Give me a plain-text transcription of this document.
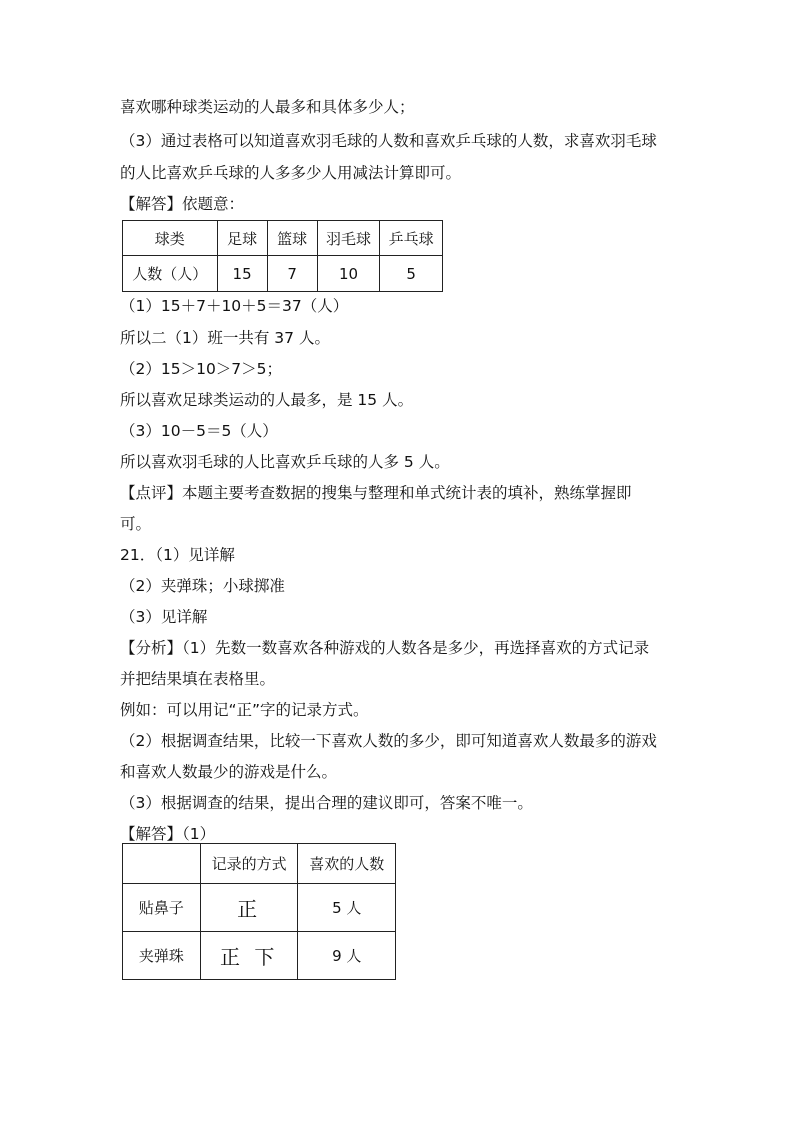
喜欢哪种球类运动的人最多和具体多少人；
（3）通过表格可以知道喜欢羽毛球的人数和喜欢乒乓球的人数，求喜欢羽毛球
的人比喜欢乒乓球的人多多少人用减法计算即可。
【解答】依题意：
球类	足球	篮球	羽毛球	乒乓球
人数（人）	15	7	10	5
（1）15＋7＋10＋5＝37（人）
所以二（1）班一共有 37 人。
（2）15＞10＞7＞5；
所以喜欢足球类运动的人最多，是 15 人。
（3）10－5＝5（人）
所以喜欢羽毛球的人比喜欢乒乓球的人多 5 人。
【点评】本题主要考查数据的搜集与整理和单式统计表的填补，熟练掌握即
可。
21．（1）见详解
（2）夹弹珠；小球掷准
（3）见详解
【分析】（1）先数一数喜欢各种游戏的人数各是多少，再选择喜欢的方式记录
并把结果填在表格里。
例如：可以用记“正”字的记录方式。
（2）根据调查结果，比较一下喜欢人数的多少，即可知道喜欢人数最多的游戏
和喜欢人数最少的游戏是什么。
（3）根据调查的结果，提出合理的建议即可，答案不唯一。
【解答】（1）
	记录的方式	喜欢的人数
贴鼻子	正	5 人
夹弹珠	正 下	9 人
